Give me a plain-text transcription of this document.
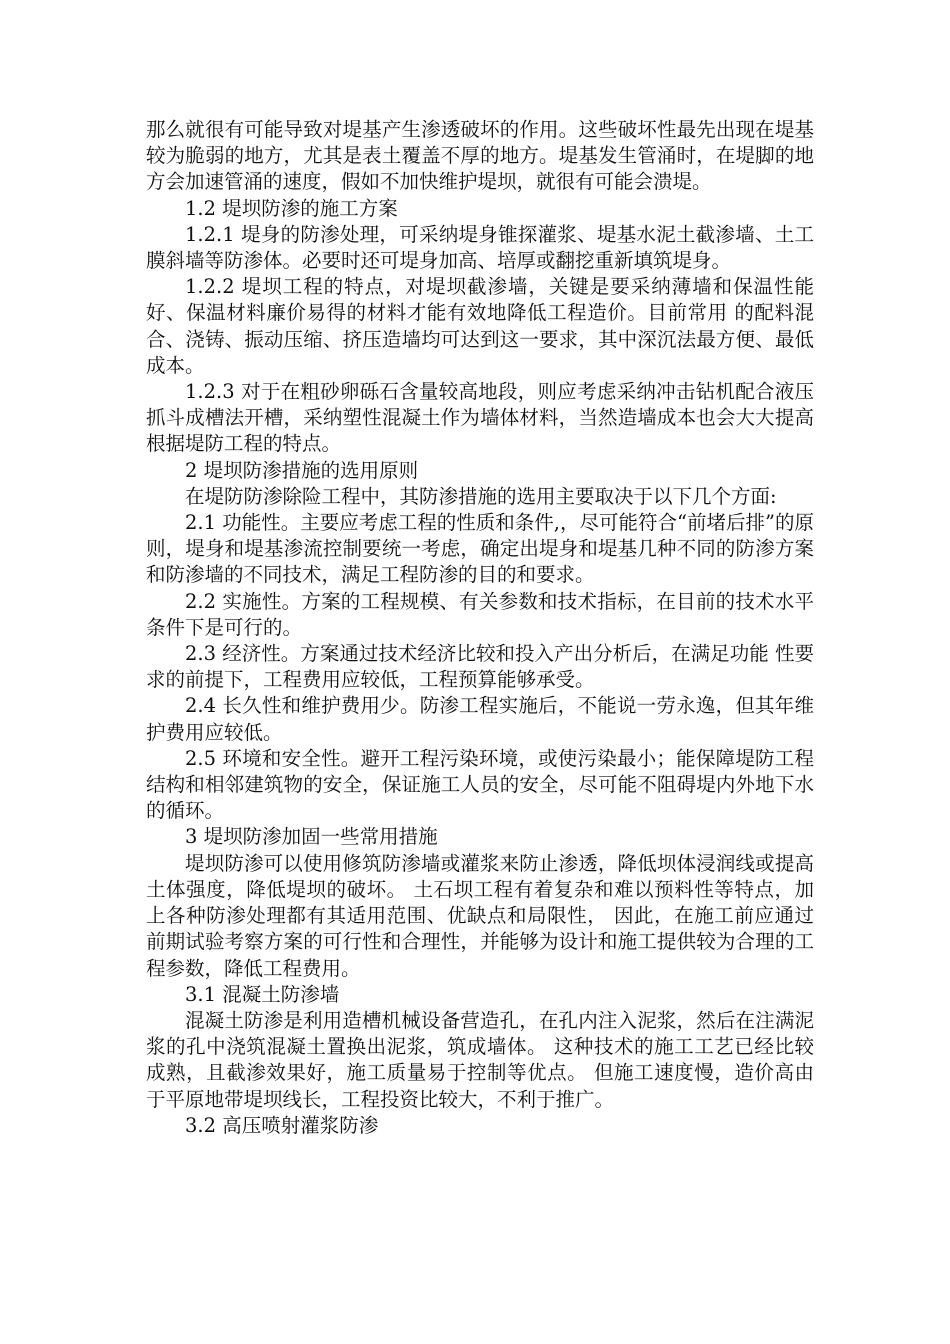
那么就很有可能导致对堤基产生渗透破坏的作用。这些破坏性最先出现在堤基较为脆弱的地方，尤其是表土覆盖不厚的地方。堤基发生管涌时，在堤脚的地方会加速管涌的速度，假如不加快维护堤坝，就很有可能会溃堤。

1.2 堤坝防渗的施工方案

1.2.1 堤身的防渗处理，可采纳堤身锥探灌浆、堤基水泥土截渗墙、土工膜斜墙等防渗体。必要时还可堤身加高、培厚或翻挖重新填筑堤身。

1.2.2 堤坝工程的特点，对堤坝截渗墙，关键是要采纳薄墙和保温性能好、保温材料廉价易得的材料才能有效地降低工程造价。目前常用 的配料混合、浇铸、振动压缩、挤压造墙均可达到这一要求，其中深沉法最方便、最低成本。

1.2.3 对于在粗砂卵砾石含量较高地段，则应考虑采纳冲击钻机配合液压抓斗成槽法开槽，采纳塑性混凝土作为墙体材料，当然造墙成本也会大大提高根据堤防工程的特点。

2 堤坝防渗措施的选用原则

在堤防防渗除险工程中，其防渗措施的选用主要取决于以下几个方面:

2.1 功能性。主要应考虑工程的性质和条件,，尽可能符合“前堵后排”的原则，堤身和堤基渗流控制要统一考虑，确定出堤身和堤基几种不同的防渗方案和防渗墙的不同技术，满足工程防渗的目的和要求。

2.2 实施性。方案的工程规模、有关参数和技术指标，在目前的技术水平条件下是可行的。

2.3 经济性。方案通过技术经济比较和投入产出分析后，在满足功能 性要求的前提下，工程费用应较低，工程预算能够承受。

2.4 长久性和维护费用少。防渗工程实施后，不能说一劳永逸，但其年维护费用应较低。

2.5 环境和安全性。避开工程污染环境，或使污染最小；能保障堤防工程结构和相邻建筑物的安全，保证施工人员的安全，尽可能不阻碍堤内外地下水的循环。

3 堤坝防渗加固一些常用措施

堤坝防渗可以使用修筑防渗墙或灌浆来防止渗透，降低坝体浸润线或提高土体强度，降低堤坝的破坏。 土石坝工程有着复杂和难以预料性等特点，加上各种防渗处理都有其适用范围、优缺点和局限性， 因此，在施工前应通过前期试验考察方案的可行性和合理性，并能够为设计和施工提供较为合理的工程参数，降低工程费用。

3.1 混凝土防渗墙

混凝土防渗是利用造槽机械设备营造孔，在孔内注入泥浆，然后在注满泥浆的孔中浇筑混凝土置换出泥浆，筑成墙体。 这种技术的施工工艺已经比较成熟，且截渗效果好，施工质量易于控制等优点。 但施工速度慢，造价高由于平原地带堤坝线长，工程投资比较大，不利于推广。

3.2 高压喷射灌浆防渗
